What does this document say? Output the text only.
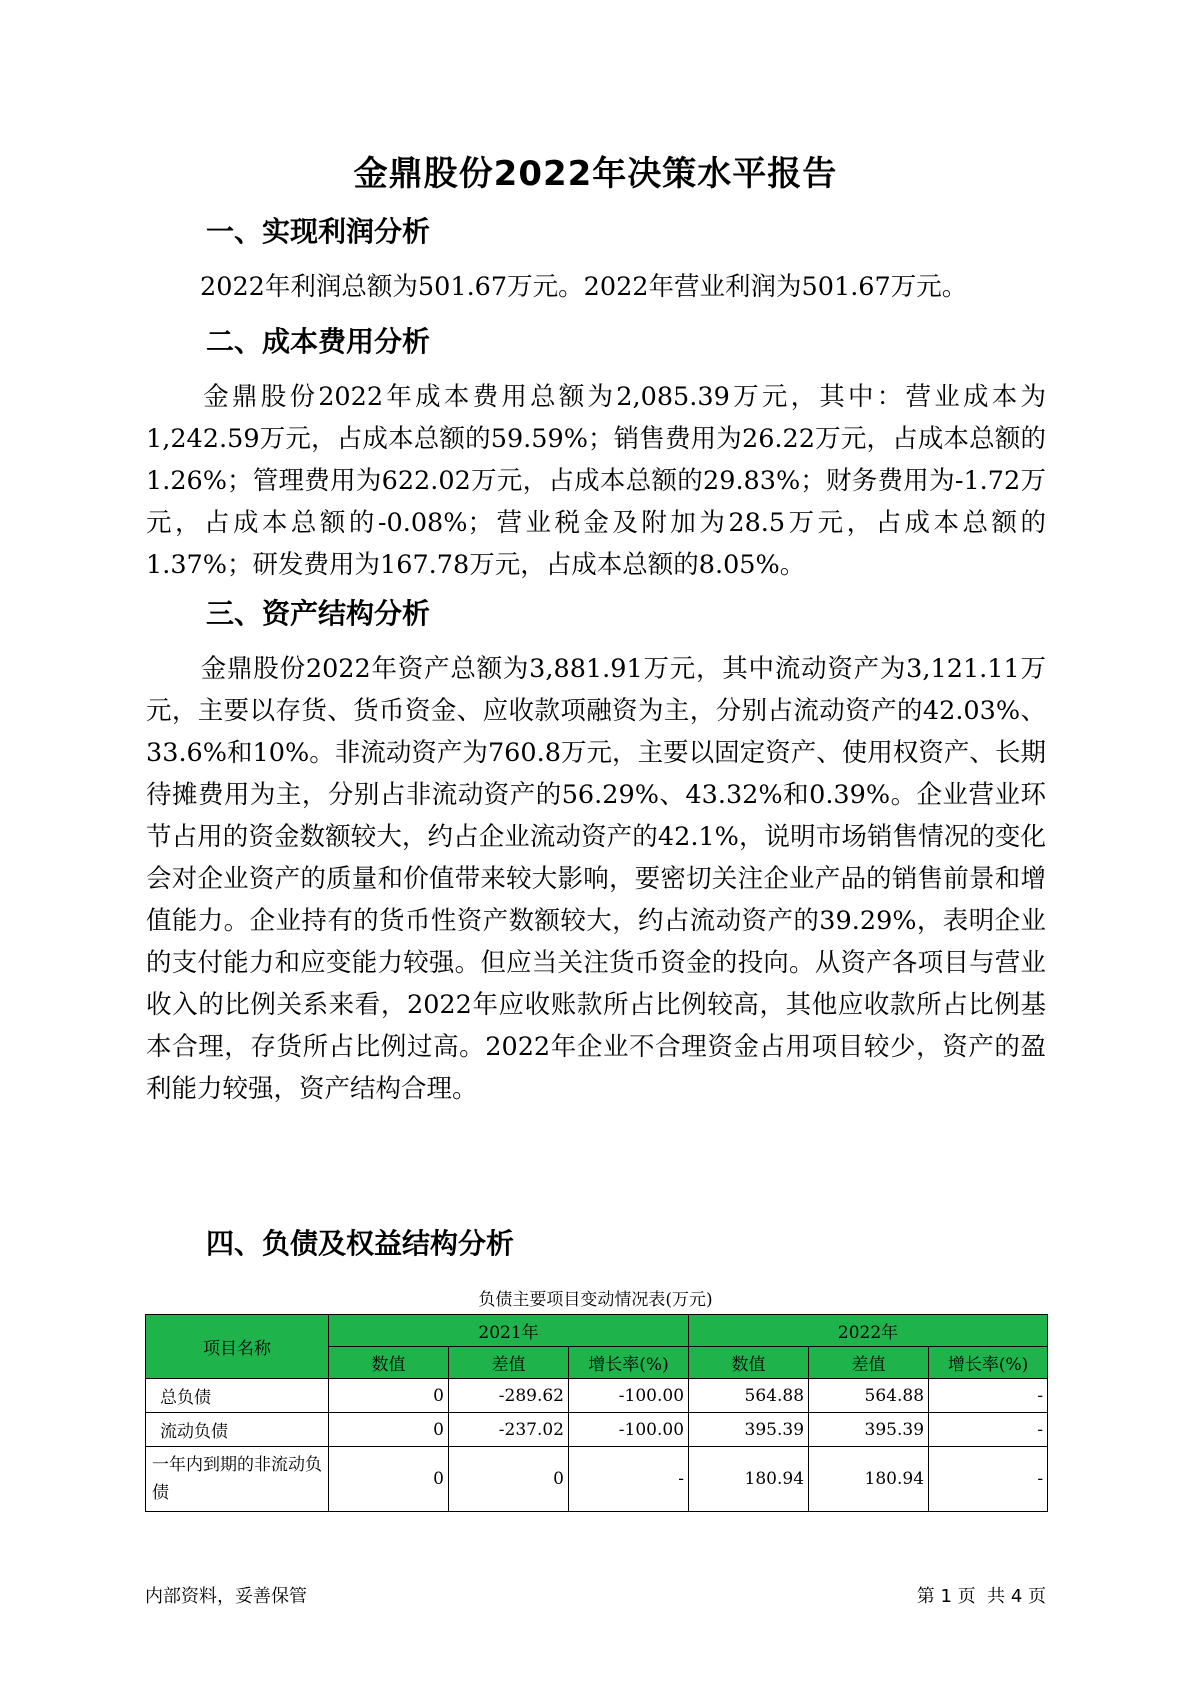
金鼎股份2022年决策水平报告
一、实现利润分析
2022年利润总额为501.67万元。2022年营业利润为501.67万元。
二、成本费用分析
金鼎股份2022年成本费用总额为2,085.39万元，其中：营业成本为1,242.59万元，占成本总额的59.59%；销售费用为26.22万元，占成本总额的1.26%；管理费用为622.02万元，占成本总额的29.83%；财务费用为-1.72万元，占成本总额的-0.08%；营业税金及附加为28.5万元，占成本总额的1.37%；研发费用为167.78万元，占成本总额的8.05%。
三、资产结构分析
金鼎股份2022年资产总额为3,881.91万元，其中流动资产为3,121.11万元，主要以存货、货币资金、应收款项融资为主，分别占流动资产的42.03%、33.6%和10%。非流动资产为760.8万元，主要以固定资产、使用权资产、长期待摊费用为主，分别占非流动资产的56.29%、43.32%和0.39%。企业营业环节占用的资金数额较大，约占企业流动资产的42.1%，说明市场销售情况的变化会对企业资产的质量和价值带来较大影响，要密切关注企业产品的销售前景和增值能力。企业持有的货币性资产数额较大，约占流动资产的39.29%，表明企业的支付能力和应变能力较强。但应当关注货币资金的投向。从资产各项目与营业收入的比例关系来看，2022年应收账款所占比例较高，其他应收款所占比例基本合理，存货所占比例过高。2022年企业不合理资金占用项目较少，资产的盈利能力较强，资产结构合理。
四、负债及权益结构分析
负债主要项目变动情况表(万元)
项目名称	2021年			2022年		
	数值	差值	增长率(%)	数值	差值	增长率(%)
总负债	0	-289.62	-100.00	564.88	564.88	-
流动负债	0	-237.02	-100.00	395.39	395.39	-
一年内到期的非流动负债	0	0	-	180.94	180.94	-
内部资料，妥善保管	第 1 页  共 4 页
